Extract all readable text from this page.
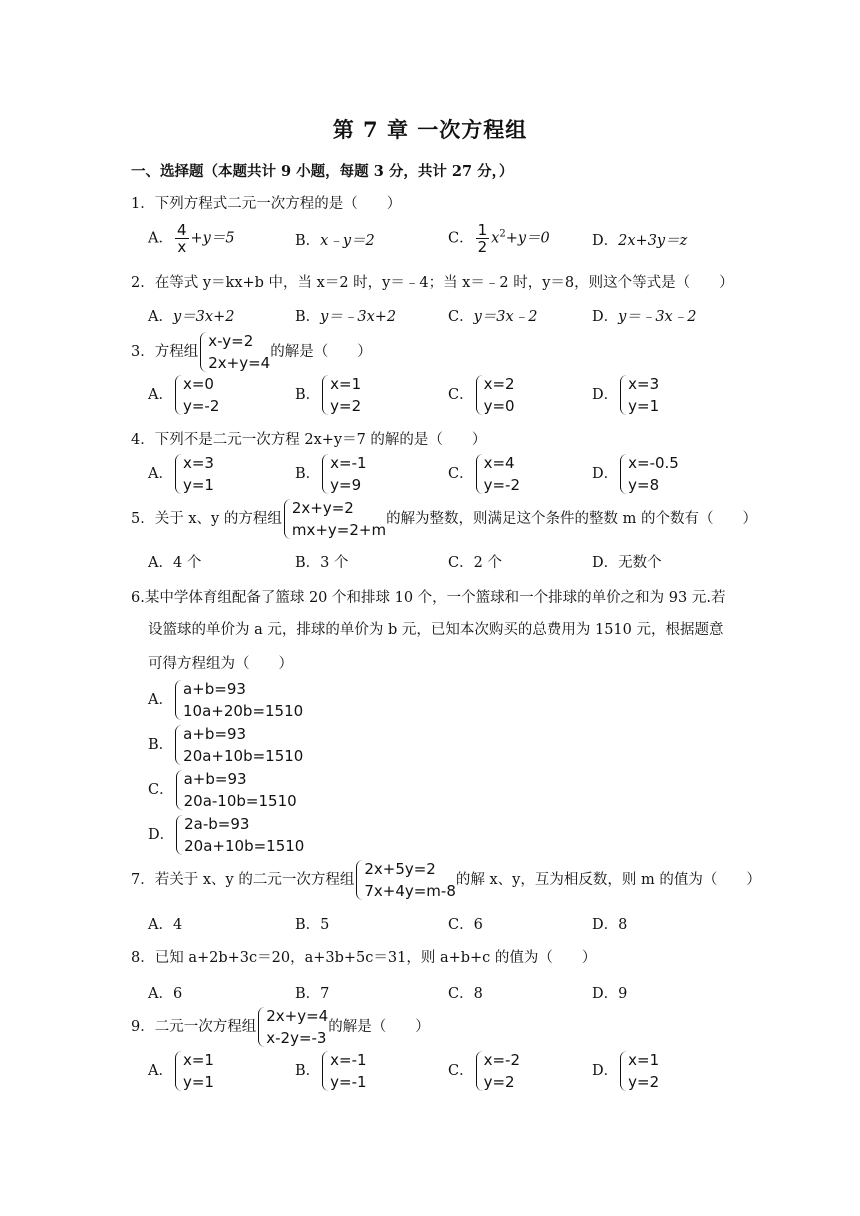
第 7 章 一次方程组
一、选择题（本题共计 9 小题，每题 3 分，共计 27 分，）
1．下列方程式二元一次方程的是（　　）
A． $\frac{4}{x} +y=5$	B．x﹣y＝2	C． $\frac{1}{2} x^2+y=0$	D．2x+3y＝z
2．在等式 y＝kx+b 中，当 x＝2 时，y＝﹣4；当 x＝﹣2 时，y＝8，则这个等式是（　　）
A．y＝3x+2	B．y＝﹣3x+2	C．y＝3x﹣2	D．y＝﹣3x﹣2
3．方程组
x-y=2
2x+y=4
的解是（　　）
A．
x=0
y=-2
B．
x=1
y=2
C．
x=2
y=0
D．
x=3
y=1
4．下列不是二元一次方程 2x+y＝7 的解的是（　　）
A．
x=3
y=1
B．
x=-1
y=9
C．
x=4
y=-2
D．
x=-0.5
y=8
5．关于 x、y 的方程组
2x+y=2
mx+y=2+m
的解为整数，则满足这个条件的整数 m 的个数有（　　）
A．4 个	B．3 个	C．2 个	D．无数个
6.某中学体育组配备了篮球 20 个和排球 10 个，一个篮球和一个排球的单价之和为 93 元.若
设篮球的单价为 a 元，排球的单价为 b 元，已知本次购买的总费用为 1510 元，根据题意
可得方程组为（　　）
A．
a+b=93
10a+20b=1510
B．
a+b=93
20a+10b=1510
C．
a+b=93
20a-10b=1510
D．
2a-b=93
20a+10b=1510
7．若关于 x、y 的二元一次方程组
2x+5y=2
7x+4y=m-8
的解 x、y，互为相反数，则 m 的值为（　　）
A．4	B．5	C．6	D．8
8．已知 a+2b+3c＝20，a+3b+5c＝31，则 a+b+c 的值为（　　）
A．6	B．7	C．8	D．9
9．二元一次方程组
2x+y=4
x-2y=-3
的解是（　　）
A．
x=1
y=1
B．
x=-1
y=-1
C．
x=-2
y=2
D．
x=1
y=2
